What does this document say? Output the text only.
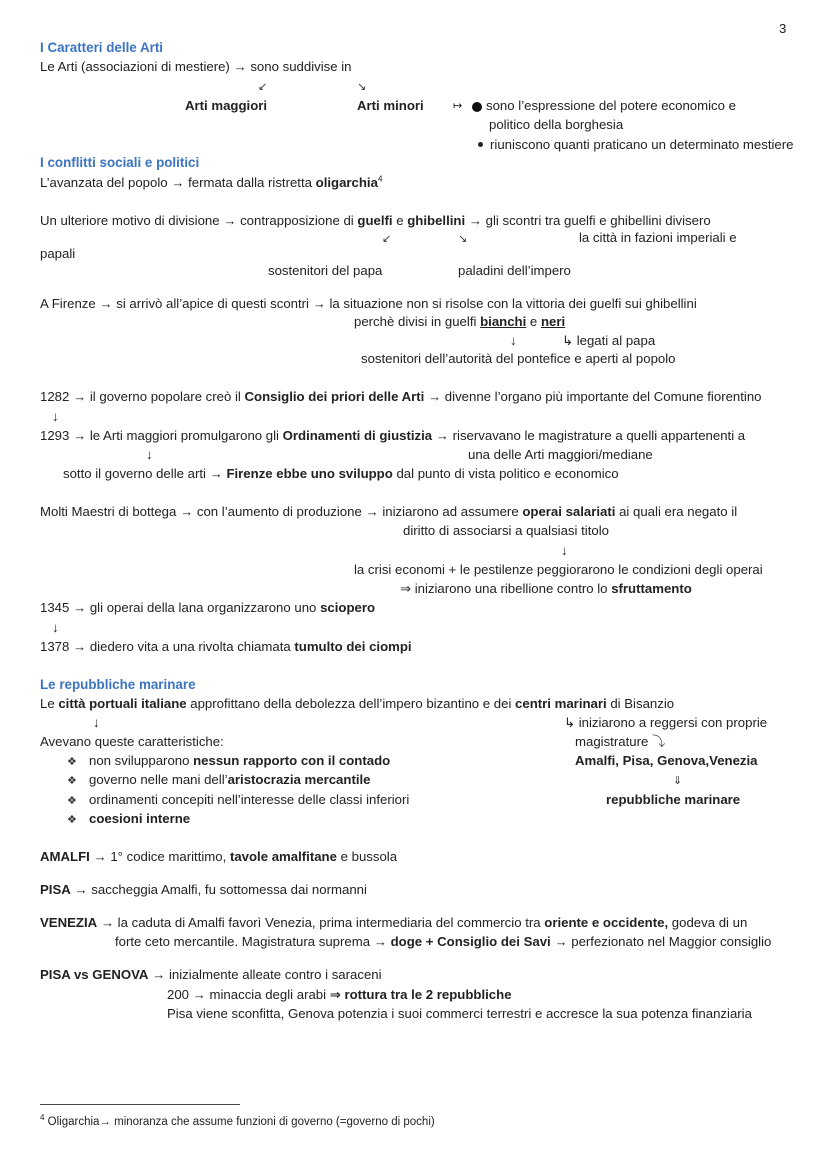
3
I Caratteri delle Arti
Le Arti (associazioni di mestiere) → sono suddivise in
↙	↘
Arti maggiori	Arti minori	↦ sono l’espressione del potere economico e
politico della borghesia
riuniscono quanti praticano un determinato mestiere
I conflitti sociali e politici
L’avanzata del popolo → fermata dalla ristretta oligarchia$^4$
Un ulteriore motivo di divisione → contrapposizione di guelfi e ghibellini → gli scontri tra guelfi e ghibellini divisero
↙	↘	la città in fazioni imperiali e
papali
sostenitori del papa	paladini dell’impero
A Firenze → si arrivò all’apice di questi scontri → la situazione non si risolse con la vittoria dei guelfi sui ghibellini
perchè divisi in guelfi bianchi e neri
↓	↳ legati al papa
sostenitori dell’autorità del pontefice e aperti al popolo
1282 → il governo popolare creò il Consiglio dei priori delle Arti → divenne l’organo più importante del Comune fiorentino
↓
1293 → le Arti maggiori promulgarono gli Ordinamenti di giustizia → riservavano le magistrature a quelli appartenenti a
↓	una delle Arti maggiori/mediane
sotto il governo delle arti → Firenze ebbe uno sviluppo dal punto di vista politico e economico
Molti Maestri di bottega → con l’aumento di produzione → iniziarono ad assumere operai salariati ai quali era negato il
diritto di associarsi a qualsiasi titolo
↓
la crisi economi + le pestilenze peggiorarono le condizioni degli operai
⇒ iniziarono una ribellione contro lo sfruttamento
1345 → gli operai della lana organizzarono uno sciopero
↓
1378 → diedero vita a una rivolta chiamata tumulto dei ciompi
Le repubbliche marinare
Le città portuali italiane approfittano della debolezza dell’impero bizantino e dei centri marinari di Bisanzio
↓	↳ iniziarono a reggersi con proprie
Avevano queste caratteristiche:	magistrature ⤵
❖ non svilupparono nessun rapporto con il contado	Amalfi, Pisa, Genova,Venezia
❖ governo nelle mani dell’aristocrazia mercantile	⇓
❖ ordinamenti concepiti nell’interesse delle classi inferiori	repubbliche marinare
❖ coesioni interne
AMALFI → 1° codice marittimo, tavole amalfitane e bussola
PISA → saccheggia Amalfi, fu sottomessa dai normanni
VENEZIA → la caduta di Amalfi favorì Venezia, prima intermediaria del commercio tra oriente e occidente, godeva di un
forte ceto mercantile. Magistratura suprema → doge + Consiglio dei Savi → perfezionato nel Maggior consiglio
PISA vs GENOVA → inizialmente alleate contro i saraceni
200 → minaccia degli arabi ⇒ rottura tra le 2 repubbliche
Pisa viene sconfitta, Genova potenzia i suoi commerci terrestri e accresce la sua potenza finanziaria
$^4$ Oligarchia→ minoranza che assume funzioni di governo (=governo di pochi)
